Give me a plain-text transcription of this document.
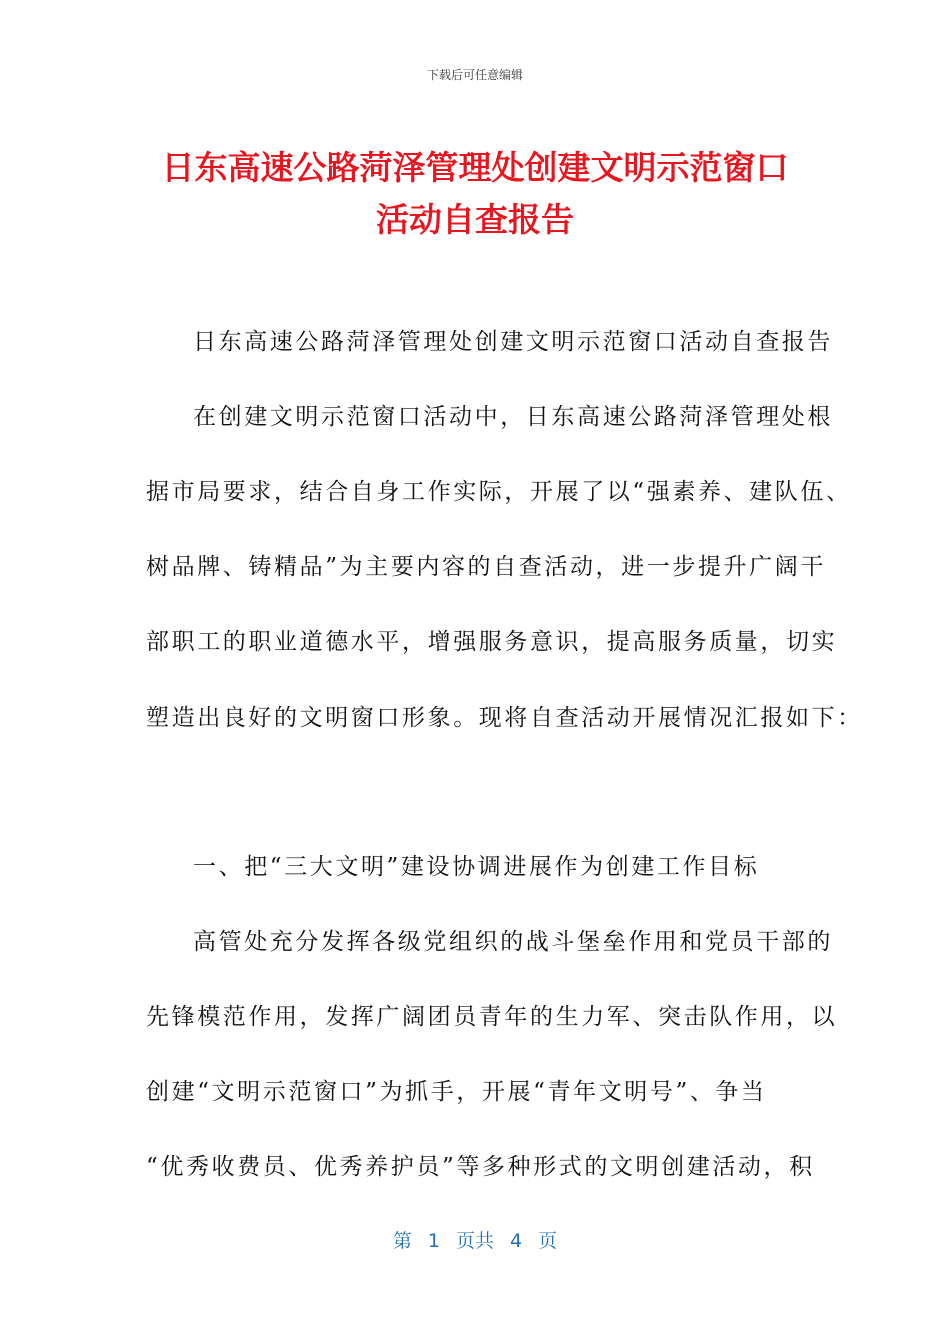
下载后可任意编辑
日东高速公路菏泽管理处创建文明示范窗口
活动自查报告
日东高速公路菏泽管理处创建文明示范窗口活动自查报告
在创建文明示范窗口活动中，日东高速公路菏泽管理处根
据市局要求，结合自身工作实际，开展了以“强素养、建队伍、
树品牌、铸精品”为主要内容的自查活动，进一步提升广阔干
部职工的职业道德水平，增强服务意识，提高服务质量，切实
塑造出良好的文明窗口形象。现将自查活动开展情况汇报如下：
一、把“三大文明”建设协调进展作为创建工作目标
高管处充分发挥各级党组织的战斗堡垒作用和党员干部的
先锋模范作用，发挥广阔团员青年的生力军、突击队作用，以
创建“文明示范窗口”为抓手，开展“青年文明号”、争当
“优秀收费员、优秀养护员”等多种形式的文明创建活动，积
第 1 页共 4 页
